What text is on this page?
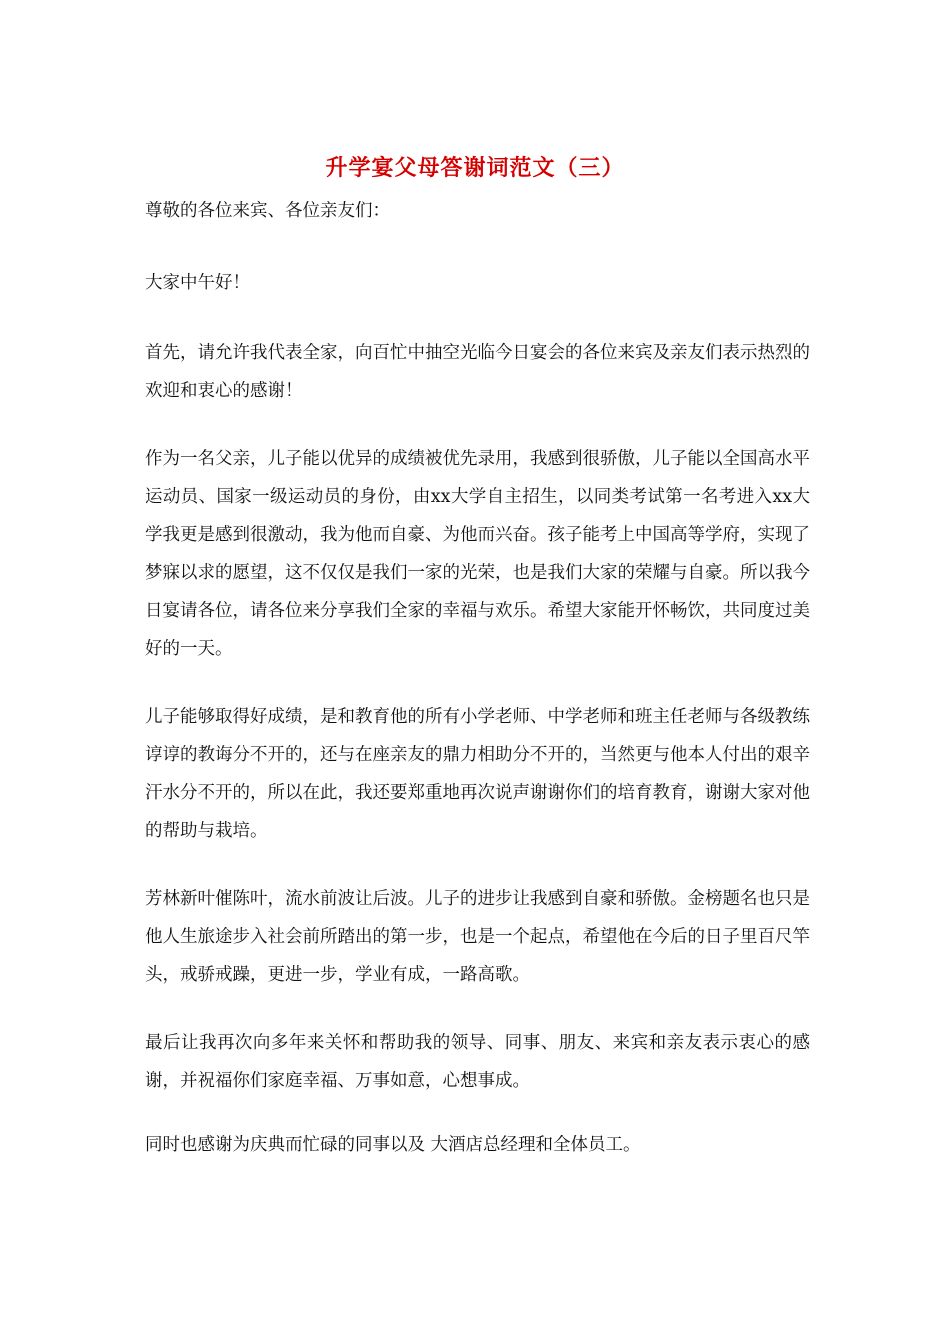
升学宴父母答谢词范文（三）

尊敬的各位来宾、各位亲友们：

大家中午好！

首先，请允许我代表全家，向百忙中抽空光临今日宴会的各位来宾及亲友们表示热烈的欢迎和衷心的感谢！

作为一名父亲，儿子能以优异的成绩被优先录用，我感到很骄傲，儿子能以全国高水平运动员、国家一级运动员的身份，由xx大学自主招生，以同类考试第一名考进入xx大学我更是感到很激动，我为他而自豪、为他而兴奋。孩子能考上中国高等学府，实现了梦寐以求的愿望，这不仅仅是我们一家的光荣，也是我们大家的荣耀与自豪。所以我今日宴请各位，请各位来分享我们全家的幸福与欢乐。希望大家能开怀畅饮，共同度过美好的一天。

儿子能够取得好成绩，是和教育他的所有小学老师、中学老师和班主任老师与各级教练谆谆的教诲分不开的，还与在座亲友的鼎力相助分不开的，当然更与他本人付出的艰辛汗水分不开的，所以在此，我还要郑重地再次说声谢谢你们的培育教育，谢谢大家对他的帮助与栽培。

芳林新叶催陈叶，流水前波让后波。儿子的进步让我感到自豪和骄傲。金榜题名也只是他人生旅途步入社会前所踏出的第一步，也是一个起点，希望他在今后的日子里百尺竿头，戒骄戒躁，更进一步，学业有成，一路高歌。

最后让我再次向多年来关怀和帮助我的领导、同事、朋友、来宾和亲友表示衷心的感谢，并祝福你们家庭幸福、万事如意，心想事成。

同时也感谢为庆典而忙碌的同事以及 大酒店总经理和全体员工。
